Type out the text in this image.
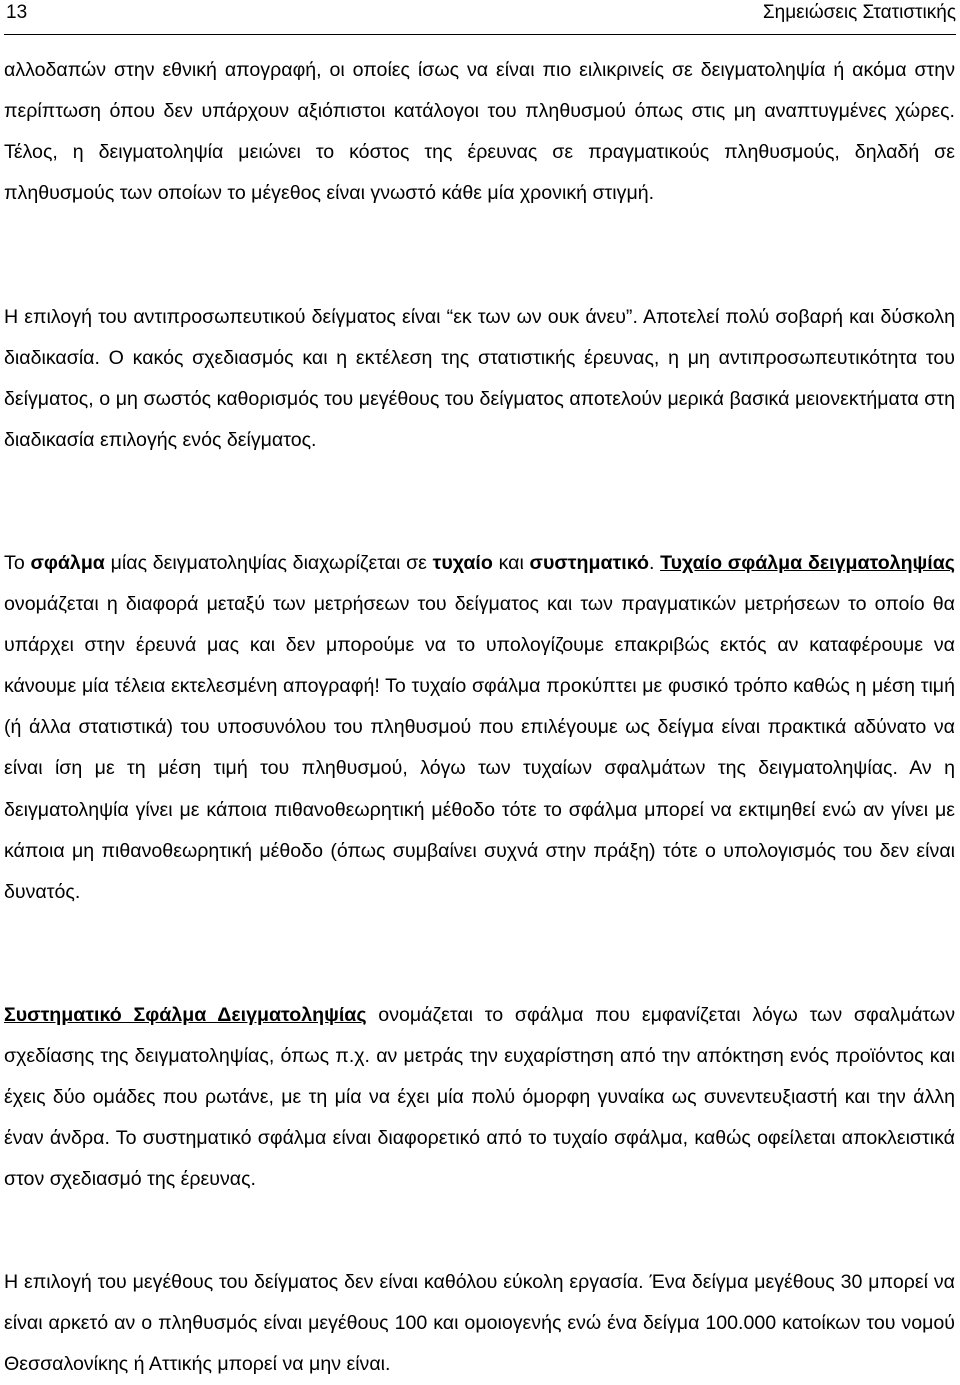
13	Σημειώσεις Στατιστικής

αλλοδαπών στην εθνική απογραφή, οι οποίες ίσως να είναι πιο ειλικρινείς σε δειγματοληψία ή ακόμα στην περίπτωση όπου δεν υπάρχουν αξιόπιστοι κατάλογοι του πληθυσμού όπως στις μη αναπτυγμένες χώρες. Τέλος, η δειγματοληψία μειώνει το κόστος της έρευνας σε πραγματικούς πληθυσμούς, δηλαδή σε πληθυσμούς των οποίων το μέγεθος είναι γνωστό κάθε μία χρονική στιγμή.

Η επιλογή του αντιπροσωπευτικού δείγματος είναι “εκ των ων ουκ άνευ”. Αποτελεί πολύ σοβαρή και δύσκολη διαδικασία. Ο κακός σχεδιασμός και η εκτέλεση της στατιστικής έρευνας, η μη αντιπροσωπευτικότητα του δείγματος, ο μη σωστός καθορισμός του μεγέθους του δείγματος αποτελούν μερικά βασικά μειονεκτήματα στη διαδικασία επιλογής ενός δείγματος.

Το σφάλμα μίας δειγματοληψίας διαχωρίζεται σε τυχαίο και συστηματικό. Τυχαίο σφάλμα δειγματοληψίας ονομάζεται η διαφορά μεταξύ των μετρήσεων του δείγματος και των πραγματικών μετρήσεων το οποίο θα υπάρχει στην έρευνά μας και δεν μπορούμε να το υπολογίζουμε επακριβώς εκτός αν καταφέρουμε να κάνουμε μία τέλεια εκτελεσμένη απογραφή! Το τυχαίο σφάλμα προκύπτει με φυσικό τρόπο καθώς η μέση τιμή (ή άλλα στατιστικά) του υποσυνόλου του πληθυσμού που επιλέγουμε ως δείγμα είναι πρακτικά αδύνατο να είναι ίση με τη μέση τιμή του πληθυσμού, λόγω των τυχαίων σφαλμάτων της δειγματοληψίας. Αν η δειγματοληψία γίνει με κάποια πιθανοθεωρητική μέθοδο τότε το σφάλμα μπορεί να εκτιμηθεί ενώ αν γίνει με κάποια μη πιθανοθεωρητική μέθοδο (όπως συμβαίνει συχνά στην πράξη) τότε ο υπολογισμός του δεν είναι δυνατός.

Συστηματικό Σφάλμα Δειγματοληψίας ονομάζεται το σφάλμα που εμφανίζεται λόγω των σφαλμάτων σχεδίασης της δειγματοληψίας, όπως π.χ. αν μετράς την ευχαρίστηση από την απόκτηση ενός προϊόντος και έχεις δύο ομάδες που ρωτάνε, με τη μία να έχει μία πολύ όμορφη γυναίκα ως συνεντευξιαστή και την άλλη έναν άνδρα. Το συστηματικό σφάλμα είναι διαφορετικό από το τυχαίο σφάλμα, καθώς οφείλεται αποκλειστικά στον σχεδιασμό της έρευνας.

Η επιλογή του μεγέθους του δείγματος δεν είναι καθόλου εύκολη εργασία. Ένα δείγμα μεγέθους 30 μπορεί να είναι αρκετό αν ο πληθυσμός είναι μεγέθους 100 και ομοιογενής ενώ ένα δείγμα 100.000 κατοίκων του νομού Θεσσαλονίκης ή Αττικής μπορεί να μην είναι.
